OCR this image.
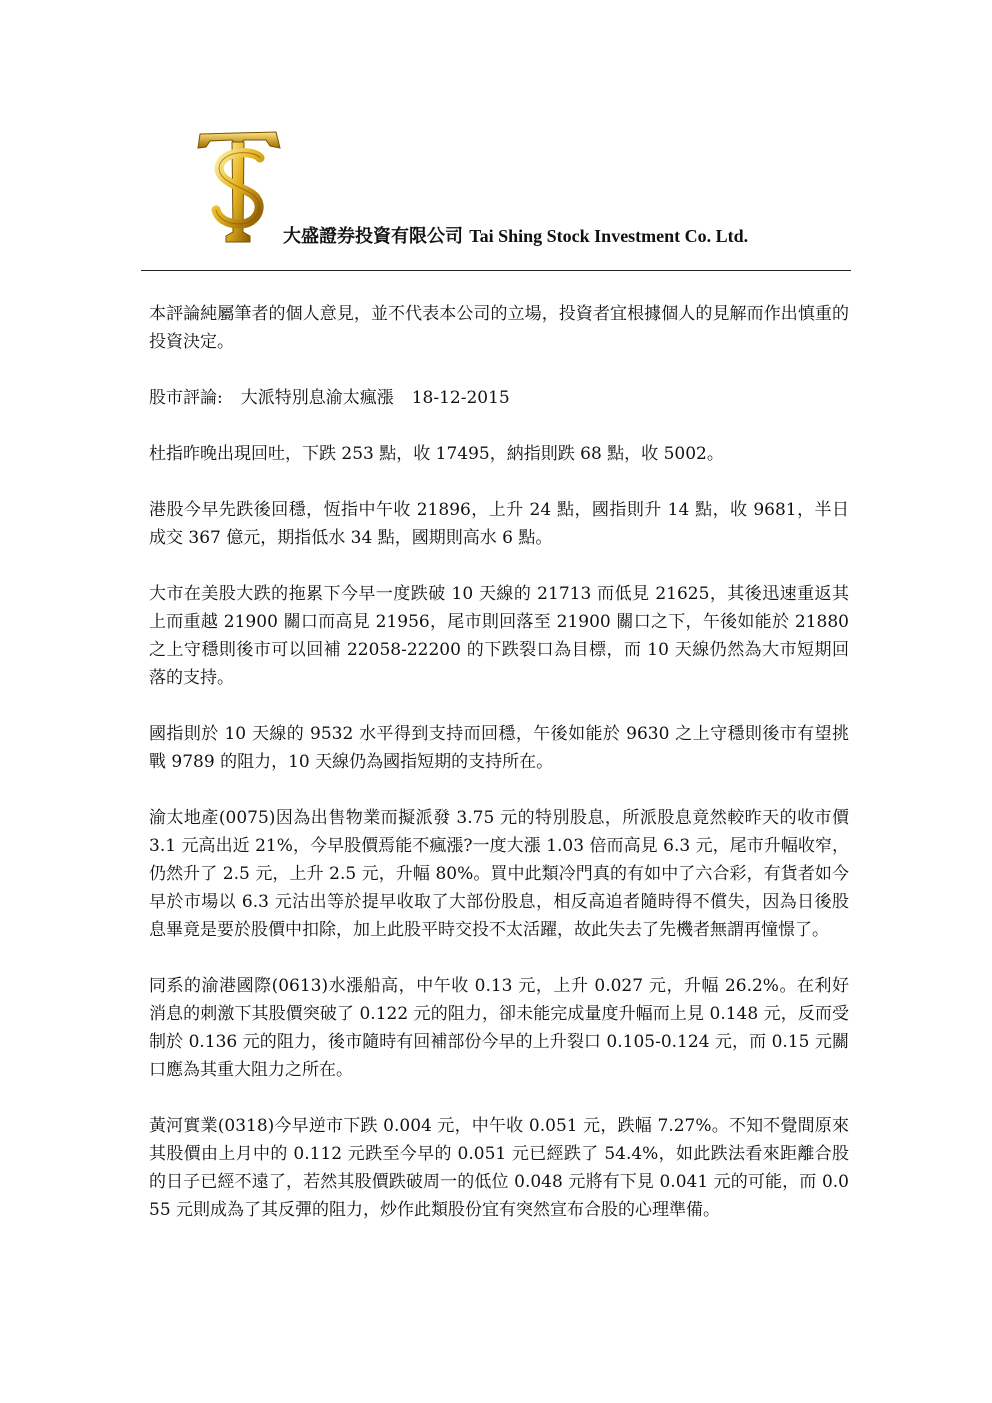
大盛證券投資有限公司 Tai Shing Stock Investment Co. Ltd.

本評論純屬筆者的個人意見，並不代表本公司的立場，投資者宜根據個人的見解而作出慎重的投資決定。

股市評論: 大派特別息渝太瘋漲 18-12-2015

杜指昨晚出現回吐，下跌 253 點，收 17495，納指則跌 68 點，收 5002。

港股今早先跌後回穩，恆指中午收 21896，上升 24 點，國指則升 14 點，收 9681，半日成交 367 億元，期指低水 34 點，國期則高水 6 點。

大市在美股大跌的拖累下今早一度跌破 10 天線的 21713 而低見 21625，其後迅速重返其上而重越 21900 關口而高見 21956，尾市則回落至 21900 關口之下，午後如能於 21880 之上守穩則後市可以回補 22058-22200 的下跌裂口為目標，而 10 天線仍然為大市短期回落的支持。

國指則於 10 天線的 9532 水平得到支持而回穩，午後如能於 9630 之上守穩則後市有望挑戰 9789 的阻力，10 天線仍為國指短期的支持所在。

渝太地產(0075)因為出售物業而擬派發 3.75 元的特別股息，所派股息竟然較昨天的收市價 3.1 元高出近 21%，今早股價焉能不瘋漲?一度大漲 1.03 倍而高見 6.3 元，尾市升幅收窄，仍然升了 2.5 元，上升 2.5 元，升幅 80%。買中此類冷門真的有如中了六合彩，有貨者如今早於市場以 6.3 元沽出等於提早收取了大部份股息，相反高追者隨時得不償失，因為日後股息畢竟是要於股價中扣除，加上此股平時交投不太活躍，故此失去了先機者無謂再憧憬了。

同系的渝港國際(0613)水漲船高，中午收 0.13 元，上升 0.027 元，升幅 26.2%。在利好消息的刺激下其股價突破了 0.122 元的阻力，卻未能完成量度升幅而上見 0.148 元，反而受制於 0.136 元的阻力，後市隨時有回補部份今早的上升裂口 0.105-0.124 元，而 0.15 元關口應為其重大阻力之所在。

黃河實業(0318)今早逆市下跌 0.004 元，中午收 0.051 元，跌幅 7.27%。不知不覺間原來其股價由上月中的 0.112 元跌至今早的 0.051 元已經跌了 54.4%，如此跌法看來距離合股的日子已經不遠了，若然其股價跌破周一的低位 0.048 元將有下見 0.041 元的可能，而 0.055 元則成為了其反彈的阻力，炒作此類股份宜有突然宣布合股的心理準備。
